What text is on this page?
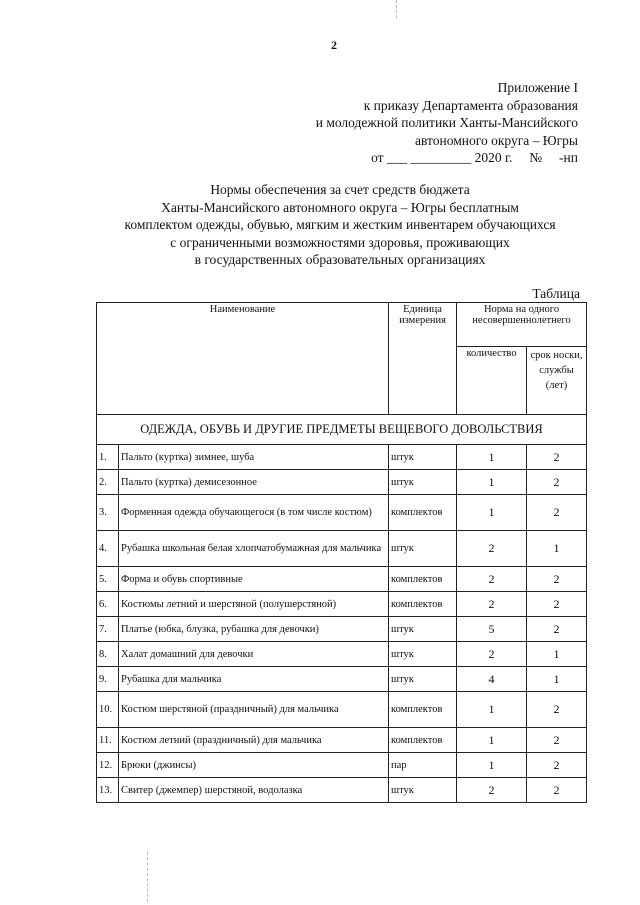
2
Приложение I
к приказу Департамента образования
и молодежной политики Ханты-Мансийского
автономного округа – Югры
от ___ _________ 2020 г.     №     -нп
Нормы обеспечения за счет средств бюджета
Ханты-Мансийского автономного округа – Югры бесплатным
комплектом одежды, обувью, мягким и жестким инвентарем обучающихся
с ограниченными возможностями здоровья, проживающих
в государственных образовательных организациях
Таблица
Наименование		Единица измерения	Норма на одного несовершеннолетнего	
			количество	срок носки, службы (лет)
ОДЕЖДА, ОБУВЬ И ДРУГИЕ ПРЕДМЕТЫ ВЕЩЕВОГО ДОВОЛЬСТВИЯ				
1.	Пальто (куртка) зимнее, шуба	штук	1	2
2.	Пальто (куртка) демисезонное	штук	1	2
3.	Форменная одежда обучающегося (в том числе костюм)	комплектов	1	2
4.	Рубашка школьная белая хлопчатобумажная для мальчика	штук	2	1
5.	Форма и обувь спортивные	комплектов	2	2
6.	Костюмы летний и шерстяной (полушерстяной)	комплектов	2	2
7.	Платье (юбка, блузка, рубашка для девочки)	штук	5	2
8.	Халат домашний для девочки	штук	2	1
9.	Рубашка для мальчика	штук	4	1
10.	Костюм шерстяной (праздничный) для мальчика	комплектов	1	2
11.	Костюм летний (праздничный) для мальчика	комплектов	1	2
12.	Брюки (джинсы)	пар	1	2
13.	Свитер (джемпер) шерстяной, водолазка	штук	2	2
